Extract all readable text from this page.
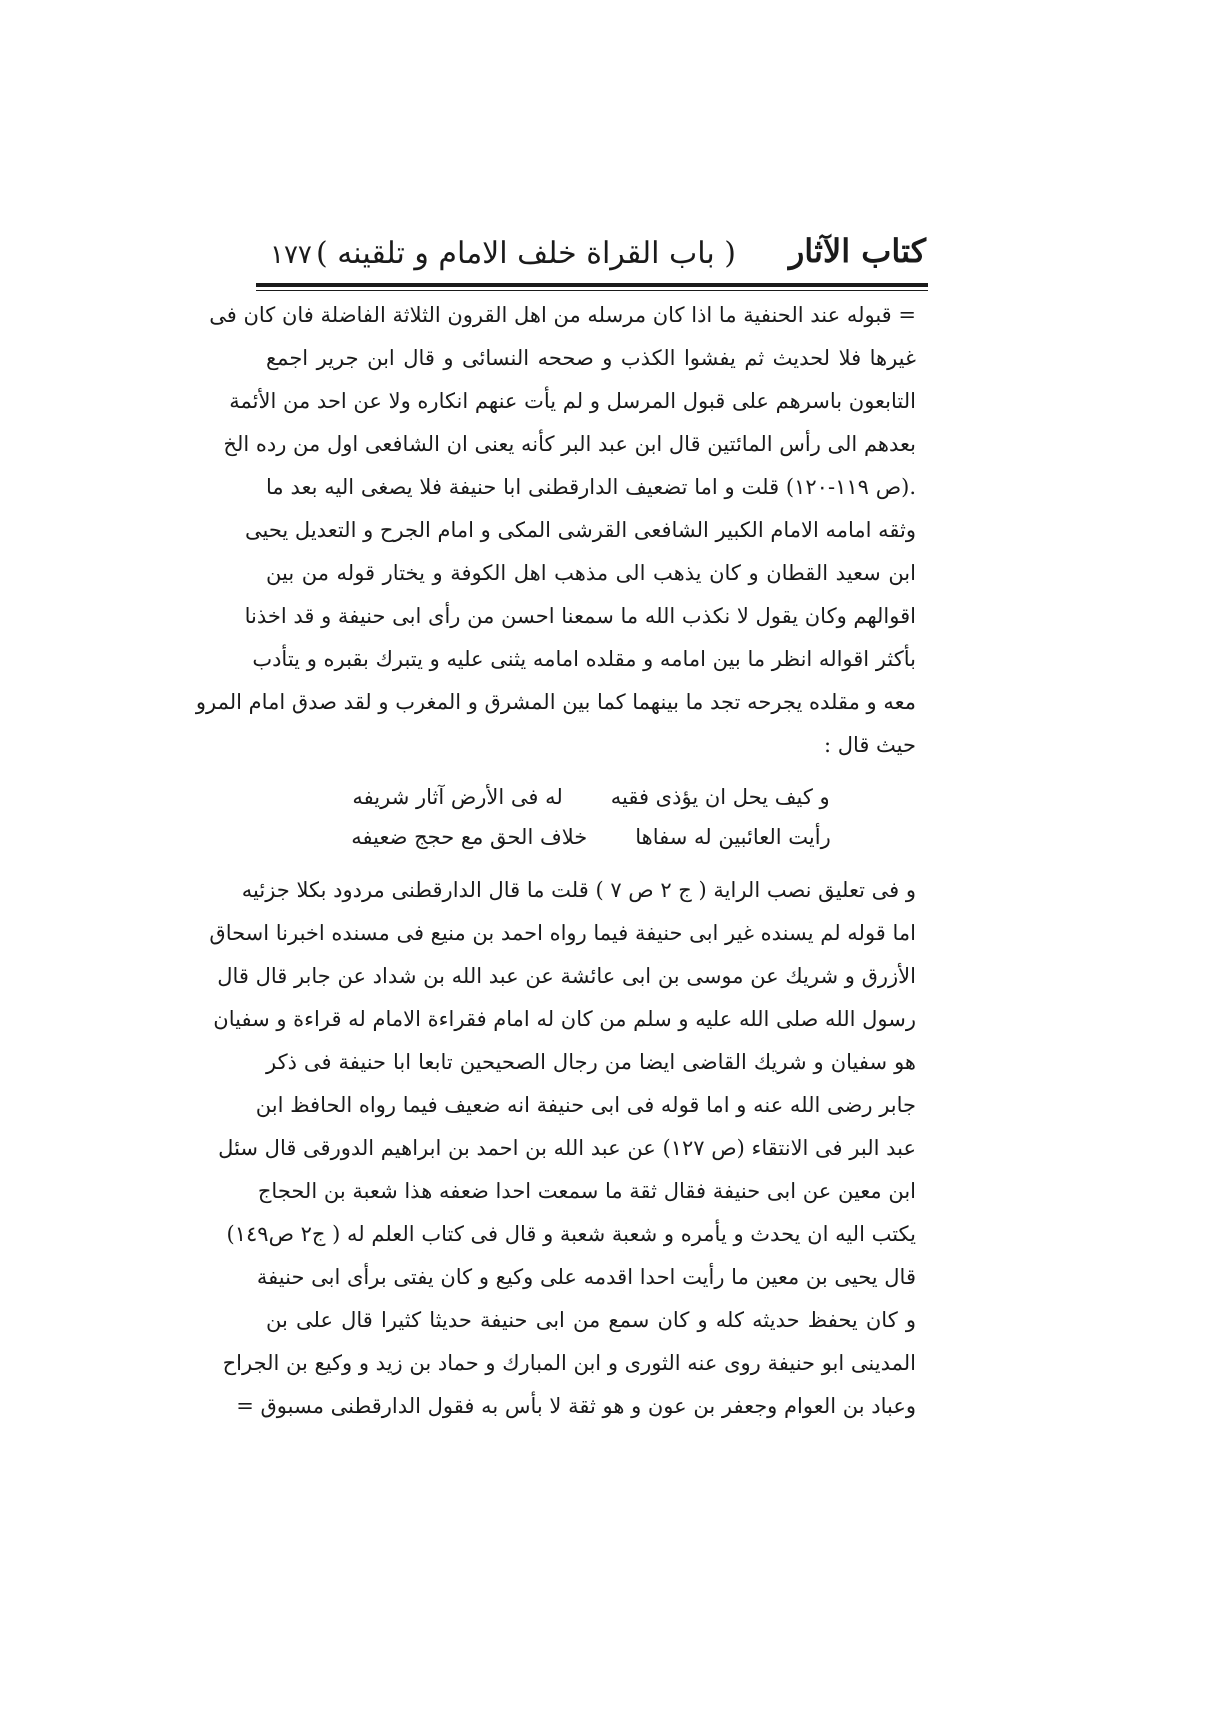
كتاب الآثار
( باب القراة خلف الامام و تلقينه )
١٧٧
= قبوله عند الحنفية ما اذا كان مرسله من اهل القرون الثلاثة الفاضلة فان كان فى
غيرها فلا لحديث ثم يفشوا الكذب و صححه النسائى و قال ابن جرير اجمع
التابعون باسرهم على قبول المرسل و لم يأت عنهم انكاره ولا عن احد من الأئمة
بعدهم الى رأس المائتين قال ابن عبد البر كأنه يعنى ان الشافعى اول من رده الخ
.(ص ١١٩-١٢٠) قلت و اما تضعيف الدارقطنى ابا حنيفة فلا يصغى اليه بعد ما
وثقه امامه الامام الكبير الشافعى القرشى المكى و امام الجرح و التعديل يحيى
ابن سعيد القطان و كان يذهب الى مذهب اهل الكوفة و يختار قوله من بين
اقوالهم وكان يقول لا نكذب الله ما سمعنا احسن من رأى ابى حنيفة و قد اخذنا
بأكثر اقواله انظر ما بين امامه و مقلده امامه يثنى عليه و يتبرك بقبره و يتأدب
معه و مقلده يجرحه تجد ما بينهما كما بين المشرق و المغرب و لقد صدق امام المرو
حيث قال :
و كيف يحل ان يؤذى فقيه
له فى الأرض آثار شريفه
رأيت العائبين له سفاها
خلاف الحق مع حجج ضعيفه
و فى تعليق نصب الراية ( ج ٢ ص ٧ ) قلت ما قال الدارقطنى مردود بكلا جزئيه
اما قوله لم يسنده غير ابى حنيفة فيما رواه احمد بن منيع فى مسنده اخبرنا اسحاق
الأزرق و شريك عن موسى بن ابى عائشة عن عبد الله بن شداد عن جابر قال قال
رسول الله صلى الله عليه و سلم من كان له امام فقراءة الامام له قراءة و سفيان
هو سفيان و شريك القاضى ايضا من رجال الصحيحين تابعا ابا حنيفة فى ذكر
جابر رضى الله عنه و اما قوله فى ابى حنيفة انه ضعيف فيما رواه الحافظ ابن
عبد البر فى الانتقاء (ص ١٢٧) عن عبد الله بن احمد بن ابراهيم الدورقى قال سئل
ابن معين عن ابى حنيفة فقال ثقة ما سمعت احدا ضعفه هذا شعبة بن الحجاج
يكتب اليه ان يحدث و يأمره و شعبة شعبة و قال فى كتاب العلم له ( ج٢ ص١٤٩)
قال يحيى بن معين ما رأيت احدا اقدمه على وكيع و كان يفتى برأى ابى حنيفة
و كان يحفظ حديثه كله و كان سمع من ابى حنيفة حديثا كثيرا قال على بن
المدينى ابو حنيفة روى عنه الثورى و ابن المبارك و حماد بن زيد و وكيع بن الجراح
وعباد بن العوام وجعفر بن عون و هو ثقة لا بأس به فقول الدارقطنى مسبوق =
